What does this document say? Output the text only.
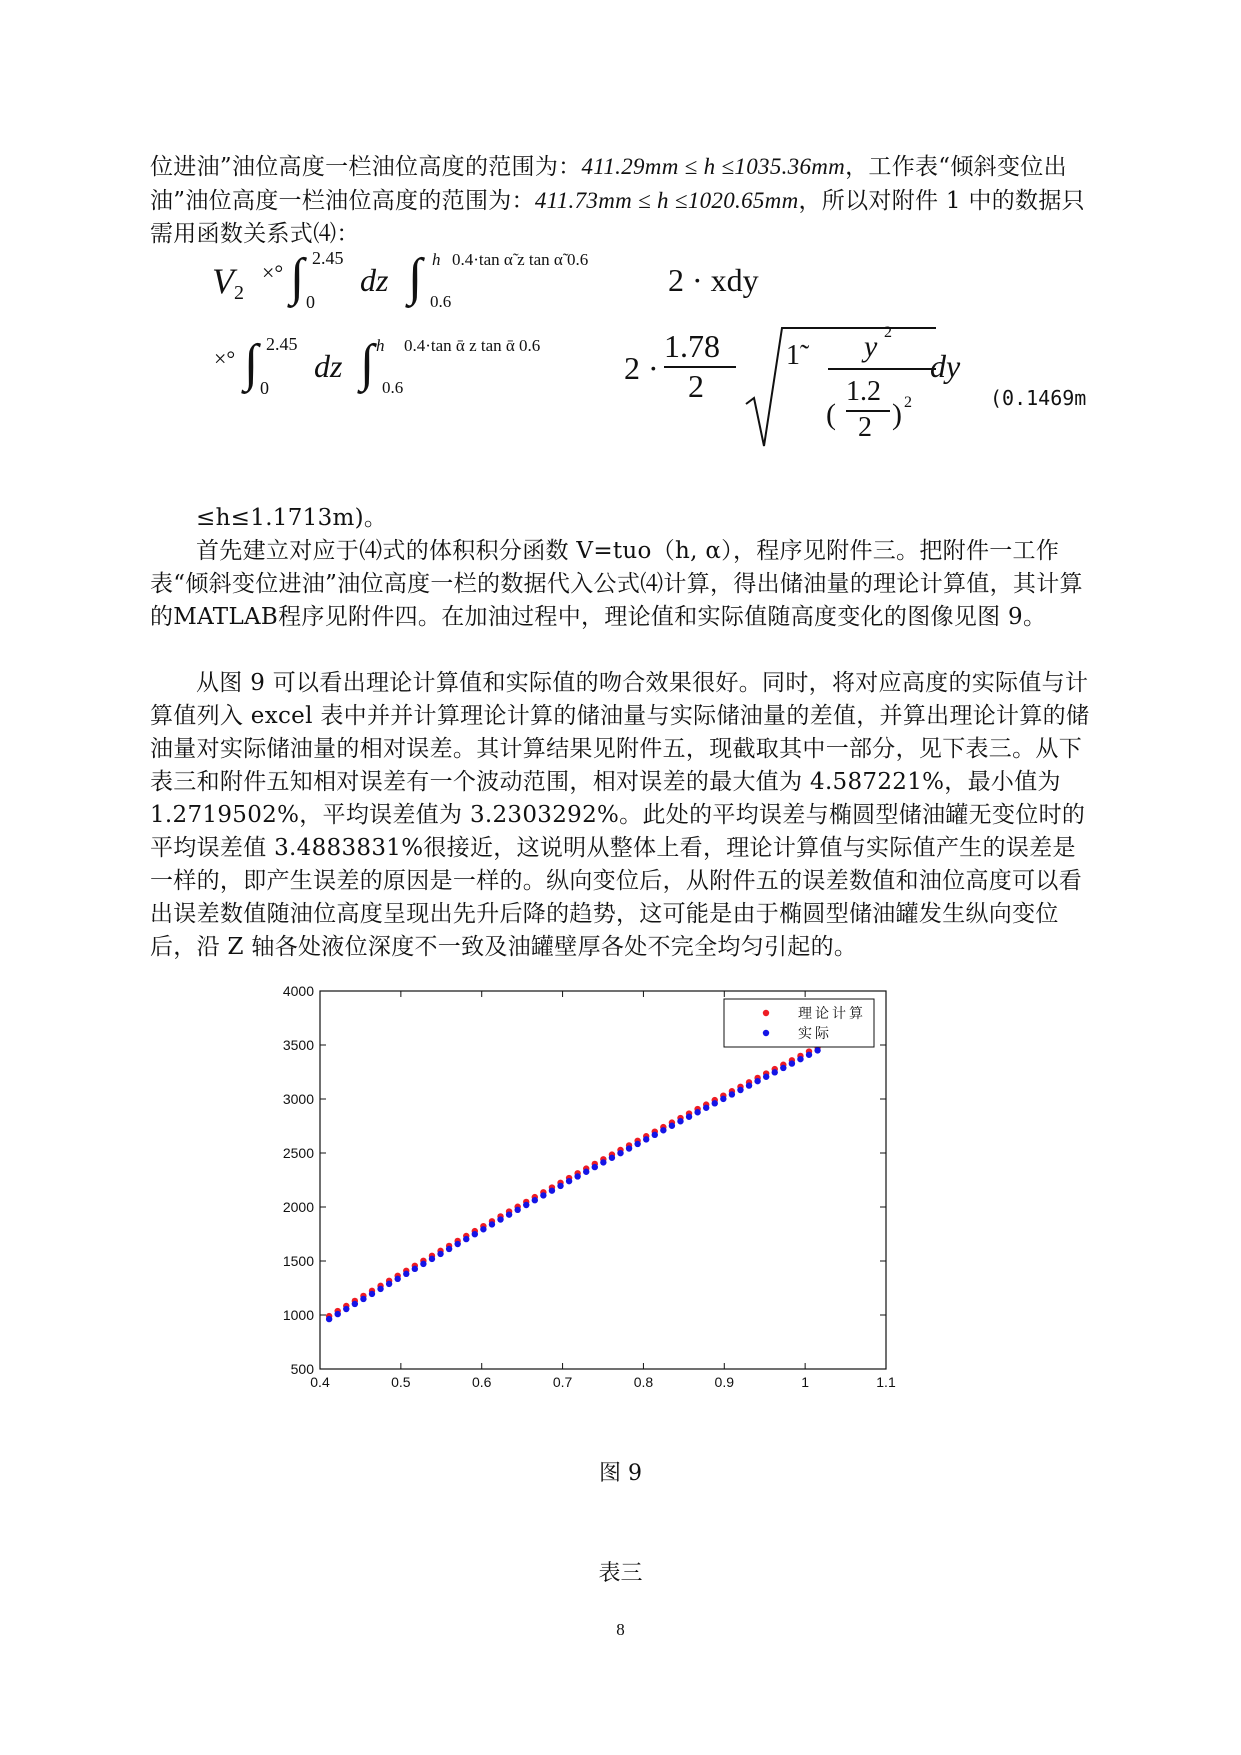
位进油”油位高度一栏油位高度的范围为：411.29mm ≤ h ≤1035.36mm，工作表“倾斜变位出油”油位高度一栏油位高度的范围为：411.73mm ≤ h ≤1020.65mm，所以对附件 1 中的数据只需用函数关系式⑷：

V 2
×° ∫ 2.45
0
dz ∫ h 0.4·tan α̃ z tan α̃ 0.6
0.6
2 · xdy
×° ∫ 2.45
0
dz ∫ h 0.4·tan ᾱ z tan ᾱ 0.6
0.6
2 ·
1.78
2
1̃ y 2
(
1.2
2 ) 2
dy
(0.1469m

≤h≤1.1713m)。

首先建立对应于⑷式的体积积分函数 V=tuo（h, α），程序见附件三。把附件一工作表“倾斜变位进油”油位高度一栏的数据代入公式⑷计算，得出储油量的理论计算值，其计算的MATLAB程序见附件四。在加油过程中，理论值和实际值随高度变化的图像见图 9。

从图 9 可以看出理论计算值和实际值的吻合效果很好。同时，将对应高度的实际值与计算值列入 excel 表中并并计算理论计算的储油量与实际储油量的差值，并算出理论计算的储油量对实际储油量的相对误差。其计算结果见附件五，现截取其中一部分，见下表三。从下表三和附件五知相对误差有一个波动范围，相对误差的最大值为 4.587221%，最小值为 1.2719502%，平均误差值为 3.2303292%。此处的平均误差与椭圆型储油罐无变位时的平均误差值 3.4883831%很接近，这说明从整体上看，理论计算值与实际值产生的误差是一样的，即产生误差的原因是一样的。纵向变位后，从附件五的误差数值和油位高度可以看出误差数值随油位高度呈现出先升后降的趋势，这可能是由于椭圆型储油罐发生纵向变位后，沿 Z 轴各处液位深度不一致及油罐壁厚各处不完全均匀引起的。

0.4	0.5	0.6	0.7	0.8	0.9	1	1.1
500
1000
1500
2000
2500
3000
3500
4000
理论计算
实际
图 9
表三
8
